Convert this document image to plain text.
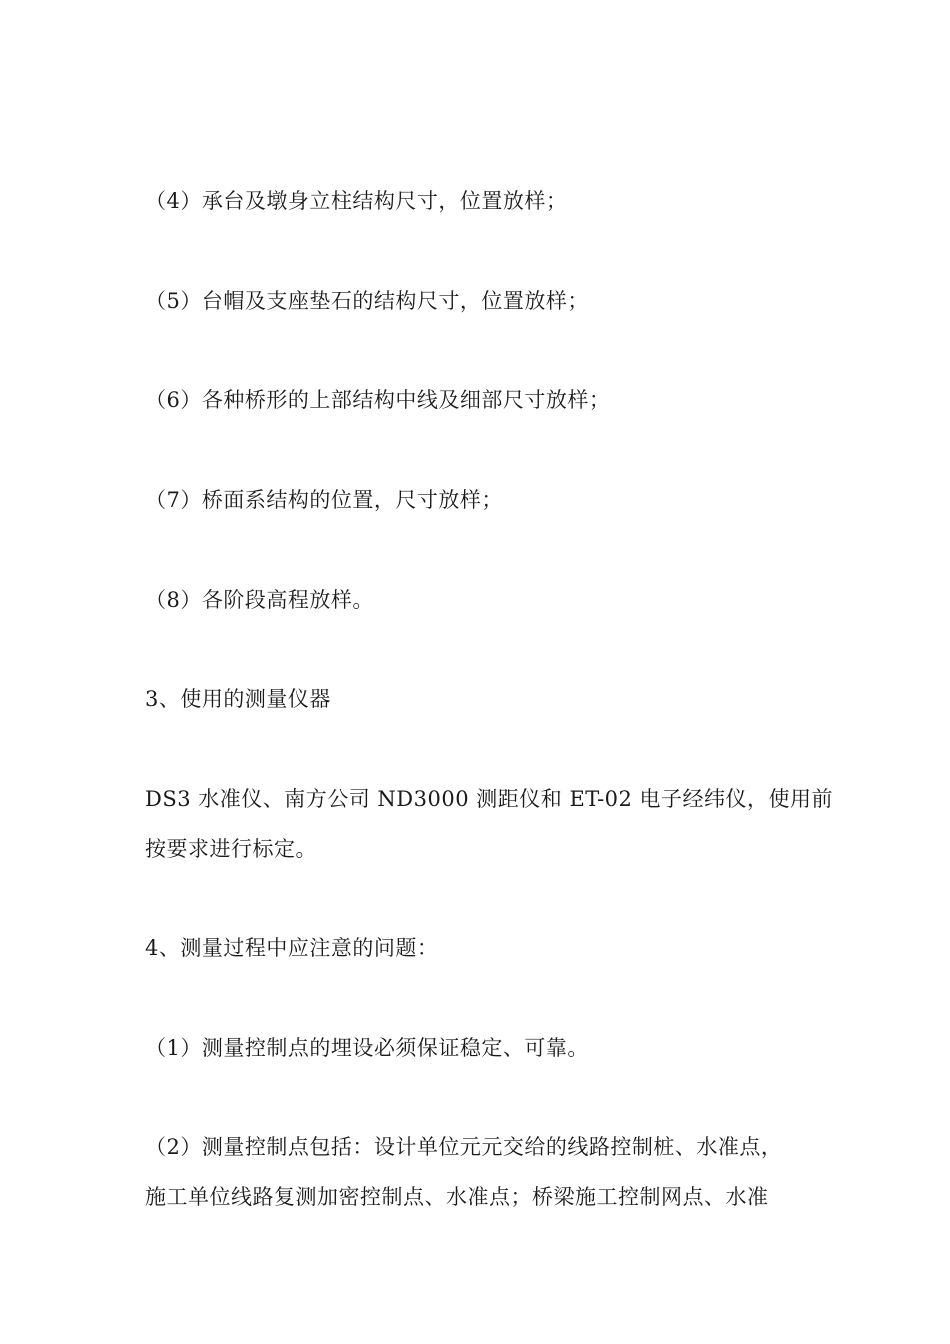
（4）承台及墩身立柱结构尺寸，位置放样；
（5）台帽及支座垫石的结构尺寸，位置放样；
（6）各种桥形的上部结构中线及细部尺寸放样；
（7）桥面系结构的位置，尺寸放样；
（8）各阶段高程放样。
3、使用的测量仪器
DS3 水准仪、南方公司 ND3000 测距仪和 ET-02 电子经纬仪，使用前
按要求进行标定。
4、测量过程中应注意的问题：
（1）测量控制点的埋设必须保证稳定、可靠。
（2）测量控制点包括：设计单位元元交给的线路控制桩、水准点，
施工单位线路复测加密控制点、水准点；桥梁施工控制网点、水准
